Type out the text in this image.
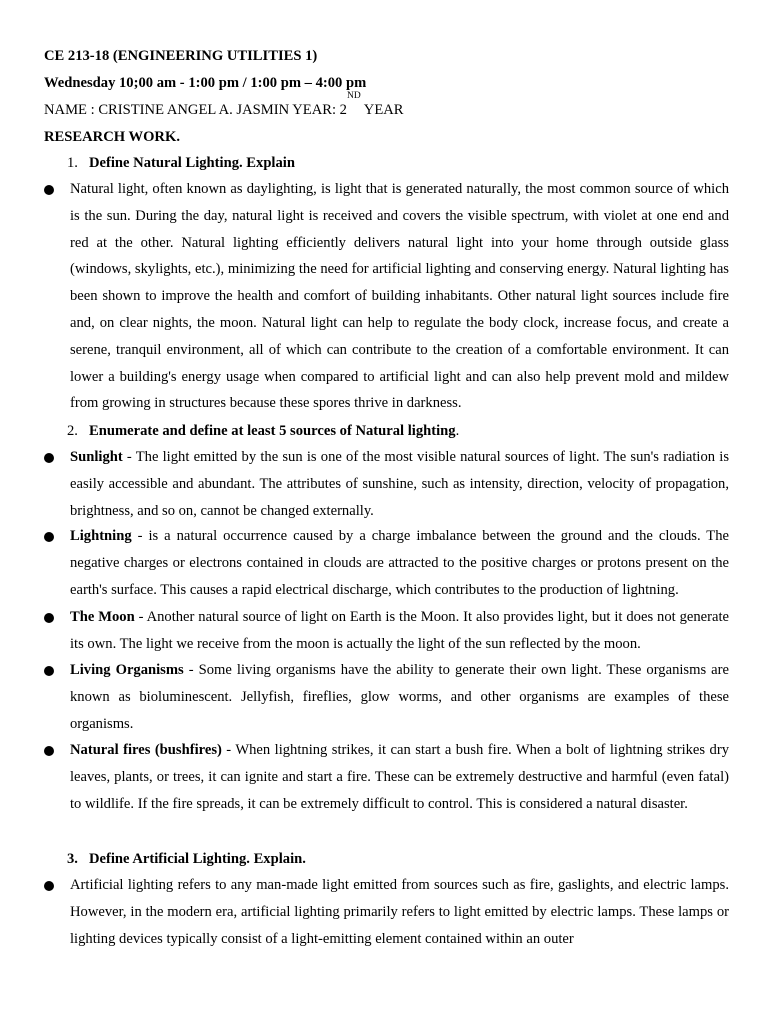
CE 213-18 (ENGINEERING UTILITIES 1)
Wednesday 10;00 am - 1:00 pm / 1:00 pm – 4:00 pm
NAME : CRISTINE ANGEL A. JASMIN YEAR: 2ND YEAR
RESEARCH WORK.
1. Define Natural Lighting. Explain
Natural light, often known as daylighting, is light that is generated naturally, the most common source of which is the sun. During the day, natural light is received and covers the visible spectrum, with violet at one end and red at the other. Natural lighting efficiently delivers natural light into your home through outside glass (windows, skylights, etc.), minimizing the need for artificial lighting and conserving energy. Natural lighting has been shown to improve the health and comfort of building inhabitants. Other natural light sources include fire and, on clear nights, the moon. Natural light can help to regulate the body clock, increase focus, and create a serene, tranquil environment, all of which can contribute to the creation of a comfortable environment. It can lower a building's energy usage when compared to artificial light and can also help prevent mold and mildew from growing in structures because these spores thrive in darkness.
2. Enumerate and define at least 5 sources of Natural lighting.
Sunlight - The light emitted by the sun is one of the most visible natural sources of light. The sun's radiation is easily accessible and abundant. The attributes of sunshine, such as intensity, direction, velocity of propagation, brightness, and so on, cannot be changed externally.
Lightning - is a natural occurrence caused by a charge imbalance between the ground and the clouds. The negative charges or electrons contained in clouds are attracted to the positive charges or protons present on the earth's surface. This causes a rapid electrical discharge, which contributes to the production of lightning.
The Moon - Another natural source of light on Earth is the Moon. It also provides light, but it does not generate its own. The light we receive from the moon is actually the light of the sun reflected by the moon.
Living Organisms - Some living organisms have the ability to generate their own light. These organisms are known as bioluminescent. Jellyfish, fireflies, glow worms, and other organisms are examples of these organisms.
Natural fires (bushfires) - When lightning strikes, it can start a bush fire. When a bolt of lightning strikes dry leaves, plants, or trees, it can ignite and start a fire. These can be extremely destructive and harmful (even fatal) to wildlife. If the fire spreads, it can be extremely difficult to control. This is considered a natural disaster.
3. Define Artificial Lighting. Explain.
Artificial lighting refers to any man-made light emitted from sources such as fire, gaslights, and electric lamps. However, in the modern era, artificial lighting primarily refers to light emitted by electric lamps. These lamps or lighting devices typically consist of a light-emitting element contained within an outer
